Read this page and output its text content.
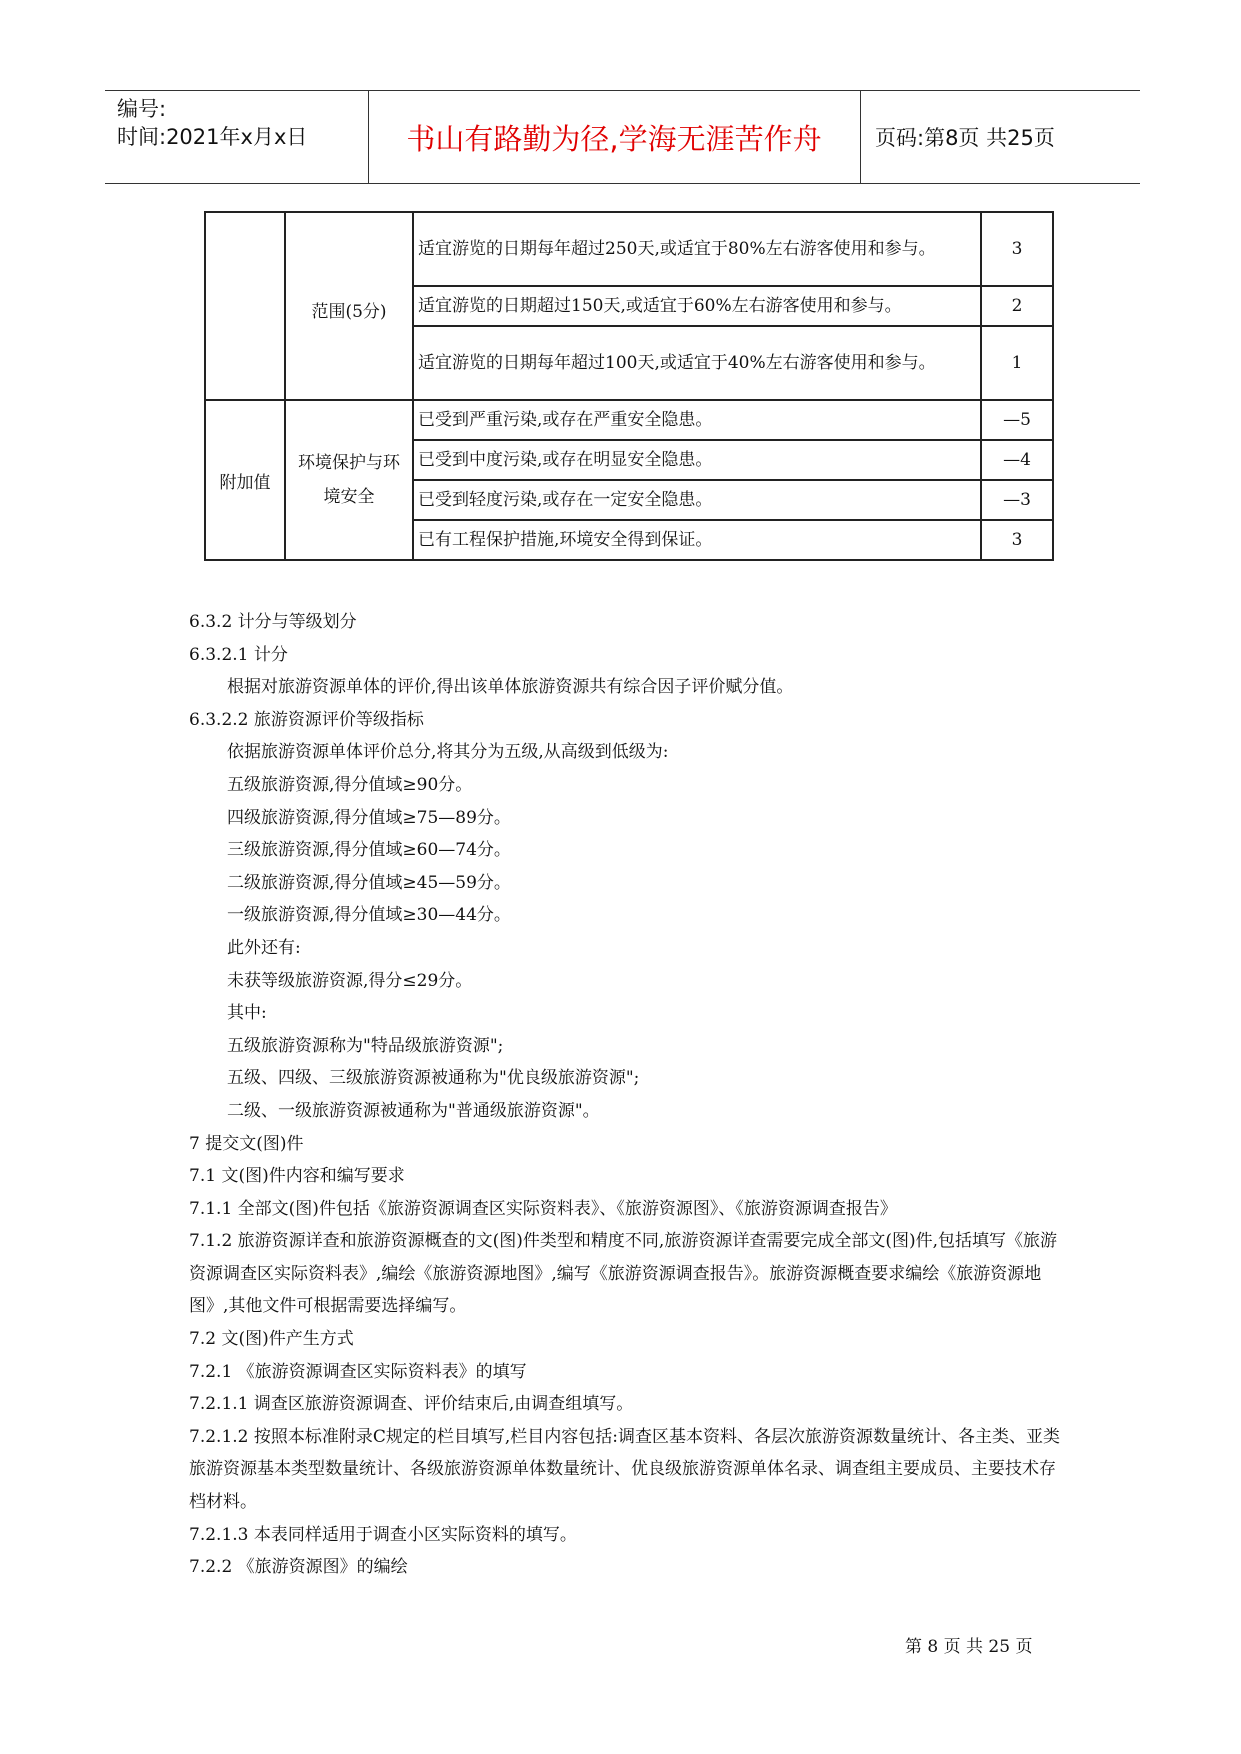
编号:
时间:2021年x月x日	书山有路勤为径,学海无涯苦作舟	页码:第8页 共25页
	范围(5分)	适宜游览的日期每年超过250天,或适宜于80%左右游客使用和参与。	3
		适宜游览的日期超过150天,或适宜于60%左右游客使用和参与。	2
		适宜游览的日期每年超过100天,或适宜于40%左右游客使用和参与。	1
附加值	环境保护与环境安全	已受到严重污染,或存在严重安全隐患。	—5
		已受到中度污染,或存在明显安全隐患。	—4
		已受到轻度污染,或存在一定安全隐患。	—3
		已有工程保护措施,环境安全得到保证。	3

6.3.2 计分与等级划分

6.3.2.1 计分

根据对旅游资源单体的评价,得出该单体旅游资源共有综合因子评价赋分值。

6.3.2.2 旅游资源评价等级指标

依据旅游资源单体评价总分,将其分为五级,从高级到低级为:

五级旅游资源,得分值域≥90分。

四级旅游资源,得分值域≥75—89分。

三级旅游资源,得分值域≥60—74分。

二级旅游资源,得分值域≥45—59分。

一级旅游资源,得分值域≥30—44分。

此外还有:

未获等级旅游资源,得分≤29分。

其中:

五级旅游资源称为"特品级旅游资源";

五级、四级、三级旅游资源被通称为"优良级旅游资源";

二级、一级旅游资源被通称为"普通级旅游资源"。

7 提交文(图)件

7.1 文(图)件内容和编写要求

7.1.1 全部文(图)件包括《旅游资源调查区实际资料表》、《旅游资源图》、《旅游资源调查报告》

7.1.2 旅游资源详查和旅游资源概查的文(图)件类型和精度不同,旅游资源详查需要完成全部文(图)件,包括填写《旅游资源调查区实际资料表》,编绘《旅游资源地图》,编写《旅游资源调查报告》。旅游资源概查要求编绘《旅游资源地图》,其他文件可根据需要选择编写。

7.2 文(图)件产生方式

7.2.1 《旅游资源调查区实际资料表》的填写

7.2.1.1 调查区旅游资源调查、评价结束后,由调查组填写。

7.2.1.2 按照本标准附录C规定的栏目填写,栏目内容包括:调查区基本资料、各层次旅游资源数量统计、各主类、亚类旅游资源基本类型数量统计、各级旅游资源单体数量统计、优良级旅游资源单体名录、调查组主要成员、主要技术存档材料。

7.2.1.3 本表同样适用于调查小区实际资料的填写。

7.2.2 《旅游资源图》的编绘

第 8 页 共 25 页
